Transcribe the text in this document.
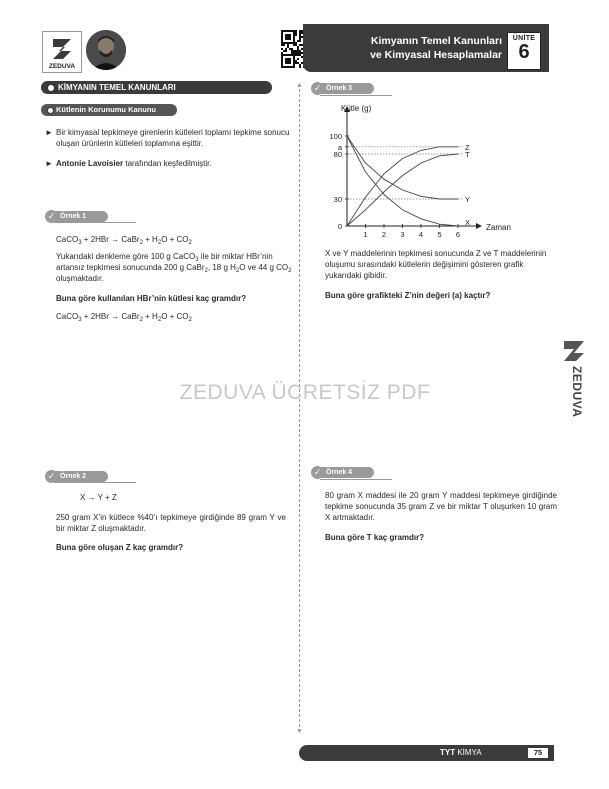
ZEDUVA
Kimyanın Temel Kanunları
ve Kimyasal Hesaplamalar
ÜNİTE
6
KİMYANIN TEMEL KANUNLARI
Kütlenin Korunumu Kanunu
► Bir kimyasal tepkimeye girenlerin kütleleri toplamı tepkime sonucu oluşan ürünlerin kütleleri toplamına eşittir.
► Antonie Lavoisier tarafından keşfedilmiştir.
✓ Örnek 1
CaCO$_3$ + 2HBr → CaBr$_2$ + $H_2O + CO_2$
Yukarıdaki denkleme göre 100 g CaCO$_3$ ile bir miktar HBr’nin artansız tepkimesi sonucunda 200 g CaBr$_2$, 18 g $H_2O$ ve 44 g $CO_2$ oluşmaktadır.
Buna göre kullanılan HBr’nin kütlesi kaç gramdır?
CaCO$_3$ + 2HBr → CaBr$_2$ + $H_2O + CO_2$
✓ Örnek 2
X → Y + Z
250 gram X’in kütlece %40’ı tepkimeye girdiğinde 89 gram Y ve bir miktar Z oluşmaktadır.
Buna göre oluşan Z kaç gramdır?
▲
▼
✓ Örnek 3
Kütle (g)
Zaman
0
30
80
a
100
1 2 3 4 5 6
Z
T
Y
X
X ve Y maddelerinin tepkimesi sonucunda Z ve T maddelerinin oluşumu sırasındaki kütlelerin değişimini gösteren grafik yukarıdaki gibidir.
Buna göre grafikteki Z’nin değeri (a) kaçtır?
✓ Örnek 4
80 gram X maddesi ile 20 gram Y maddesi tepkimeye girdiğinde tepkime sonucunda 35 gram Z ve bir miktar T oluşurken 10 gram X artmaktadır.
Buna göre T kaç gramdır?
ZEDUVA ÜCRETSİZ PDF	ZEDUVA
TYT KİMYA	75
